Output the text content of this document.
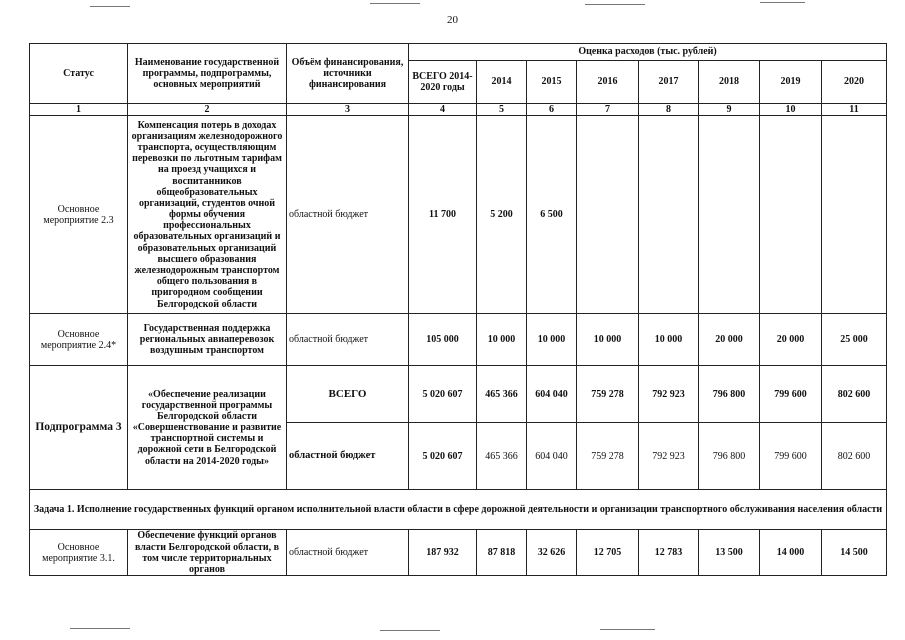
20
Статус	Наименование государственной программы, подпрограммы, основных мероприятий	Объём финансирования, источники финансирования	Оценка расходов (тыс. рублей)							
			ВСЕГО 2014-2020 годы	2014	2015	2016	2017	2018	2019	2020
1	2	3	4	5	6	7	8	9	10	11
Основное мероприятие 2.3	Компенсация потерь в доходах организациям железнодорожного транспорта, осуществляющим перевозки по льготным тарифам на проезд учащихся и воспитанников общеобразовательных организаций, студентов очной формы обучения профессиональных образовательных организаций и образовательных организаций высшего образования железнодорожным транспортом общего пользования в пригородном сообщении Белгородской области	областной бюджет	11 700	5 200	6 500					
Основное мероприятие 2.4*	Государственная поддержка региональных авиаперевозок воздушным транспортом	областной бюджет	105 000	10 000	10 000	10 000	10 000	20 000	20 000	25 000
Подпрограмма 3	«Обеспечение реализации государственной программы Белгородской области «Совершенствование и развитие транспортной системы и дорожной сети в Белгородской области на 2014-2020 годы»	ВСЕГО	5 020 607	465 366	604 040	759 278	792 923	796 800	799 600	802 600
		областной бюджет	5 020 607	465 366	604 040	759 278	792 923	796 800	799 600	802 600
Задача 1. Исполнение государственных функций органом исполнительной власти области в сфере дорожной деятельности и организации транспортного обслуживания населения области										
Основное мероприятие 3.1.	Обеспечение функций органов власти Белгородской области, в том числе территориальных органов	областной бюджет	187 932	87 818	32 626	12 705	12 783	13 500	14 000	14 500
